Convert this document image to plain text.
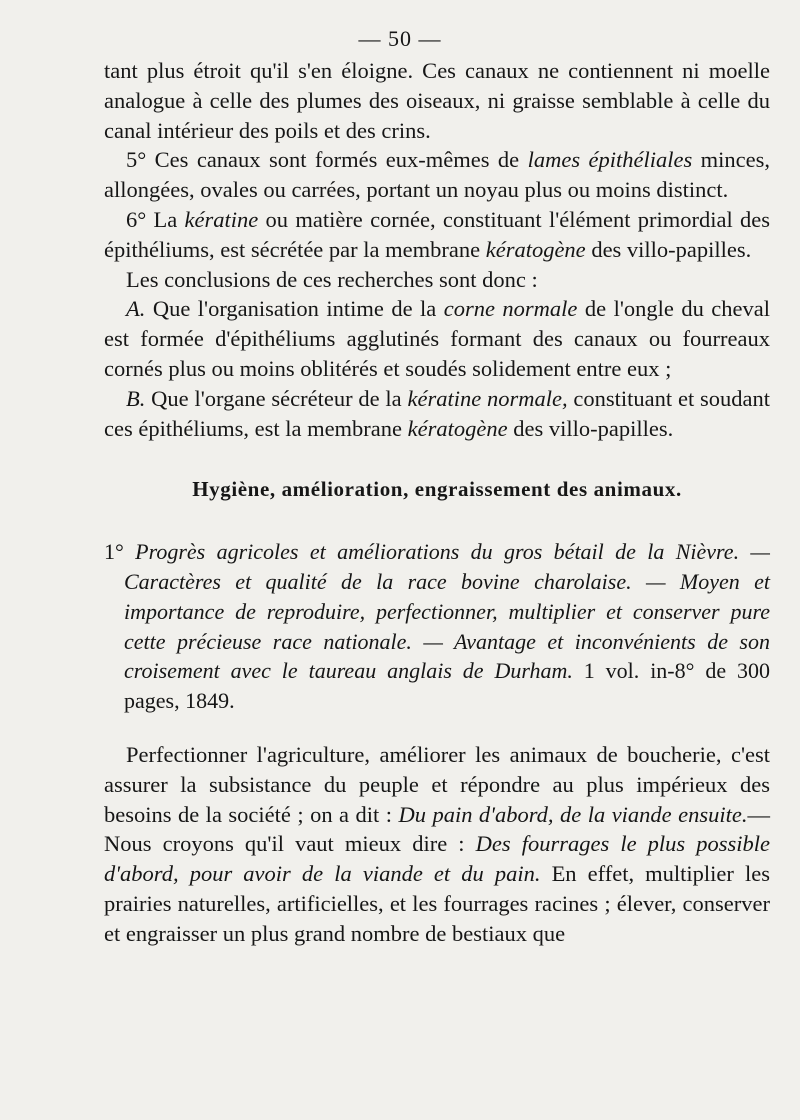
— 50 —

tant plus étroit qu'il s'en éloigne. Ces canaux ne contiennent ni moelle analogue à celle des plumes des oiseaux, ni graisse semblable à celle du canal intérieur des poils et des crins.

5° Ces canaux sont formés eux-mêmes de lames épithéliales minces, allongées, ovales ou carrées, portant un noyau plus ou moins distinct.

6° La kératine ou matière cornée, constituant l'élément primordial des épithéliums, est sécrétée par la membrane kératogène des villo-papilles.

Les conclusions de ces recherches sont donc :

A. Que l'organisation intime de la corne normale de l'ongle du cheval est formée d'épithéliums agglutinés formant des canaux ou fourreaux cornés plus ou moins oblitérés et soudés solidement entre eux ;

B. Que l'organe sécréteur de la kératine normale, constituant et soudant ces épithéliums, est la membrane kératogène des villo-papilles.

Hygiène, amélioration, engraissement des animaux.

1° Progrès agricoles et améliorations du gros bétail de la Nièvre. — Caractères et qualité de la race bovine charolaise. — Moyen et importance de reproduire, perfectionner, multiplier et conserver pure cette précieuse race nationale. — Avantage et inconvénients de son croisement avec le taureau anglais de Durham. 1 vol. in-8° de 300 pages, 1849.

Perfectionner l'agriculture, améliorer les animaux de boucherie, c'est assurer la subsistance du peuple et répondre au plus impérieux des besoins de la société ; on a dit : Du pain d'abord, de la viande ensuite.—Nous croyons qu'il vaut mieux dire : Des fourrages le plus possible d'abord, pour avoir de la viande et du pain. En effet, multiplier les prairies naturelles, artificielles, et les fourrages racines ; élever, conserver et engraisser un plus grand nombre de bestiaux que
